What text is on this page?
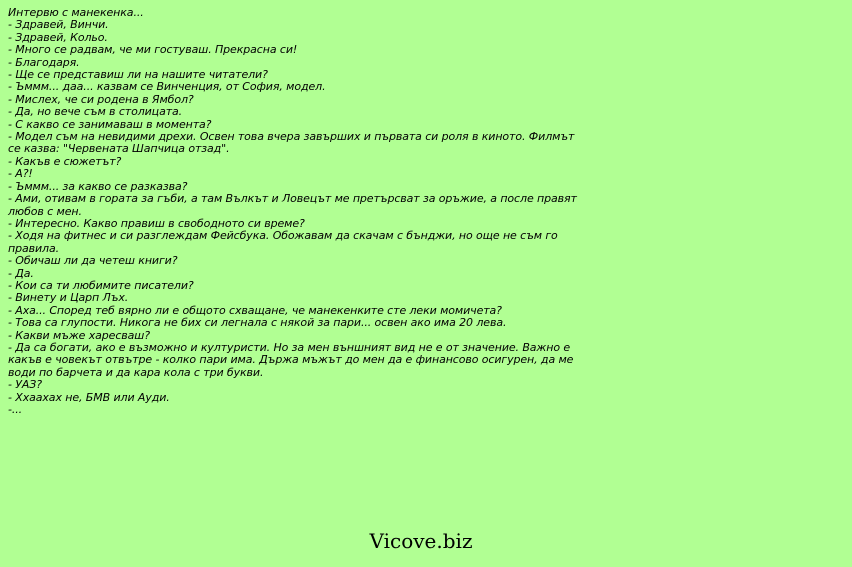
Интервю с манекенка...
- Здравей, Винчи.
- Здравей, Кольо.
- Много се радвам, че ми гостуваш. Прекрасна си!
- Благодаря.
- Ще се представиш ли на нашите читатели?
- Ъммм... даа... казвам се Винченция, от София, модел.
- Мислех, че си родена в Ямбол?
- Да, но вече съм в столицата.
- С какво се занимаваш в момента?
- Модел съм на невидими дрехи. Освен това вчера завърших и първата си роля в киното. Филмът се казва: "Червената Шапчица отзад".
- Какъв е сюжетът?
- А?!
- Ъммм... за какво се разказва?
- Ами, отивам в гората за гъби, а там Вълкът и Ловецът ме претърсват за оръжие, а после правят любов с мен.
- Интересно. Какво правиш в свободното си време?
- Ходя на фитнес и си разглеждам Фейсбука. Обожавам да скачам с бънджи, но още не съм го правила.
- Обичаш ли да четеш книги?
- Да.
- Кои са ти любимите писатели?
- Винету и Царп Лъх.
- Аха... Според теб вярно ли е общото схващане, че манекенките сте леки момичета?
- Това са глупости. Никога не бих си легнала с някой за пари... освен ако има 20 лева.
- Какви мъже харесваш?
- Да са богати, ако е възможно и културисти. Но за мен външният вид не е от значение. Важно е какъв е човекът отвътре - колко пари има. Държа мъжът до мен да е финансово осигурен, да ме води по барчета и да кара кола с три букви.
- УАЗ?
- Ххаахах не, БМВ или Ауди.
-...
Vicove.biz
